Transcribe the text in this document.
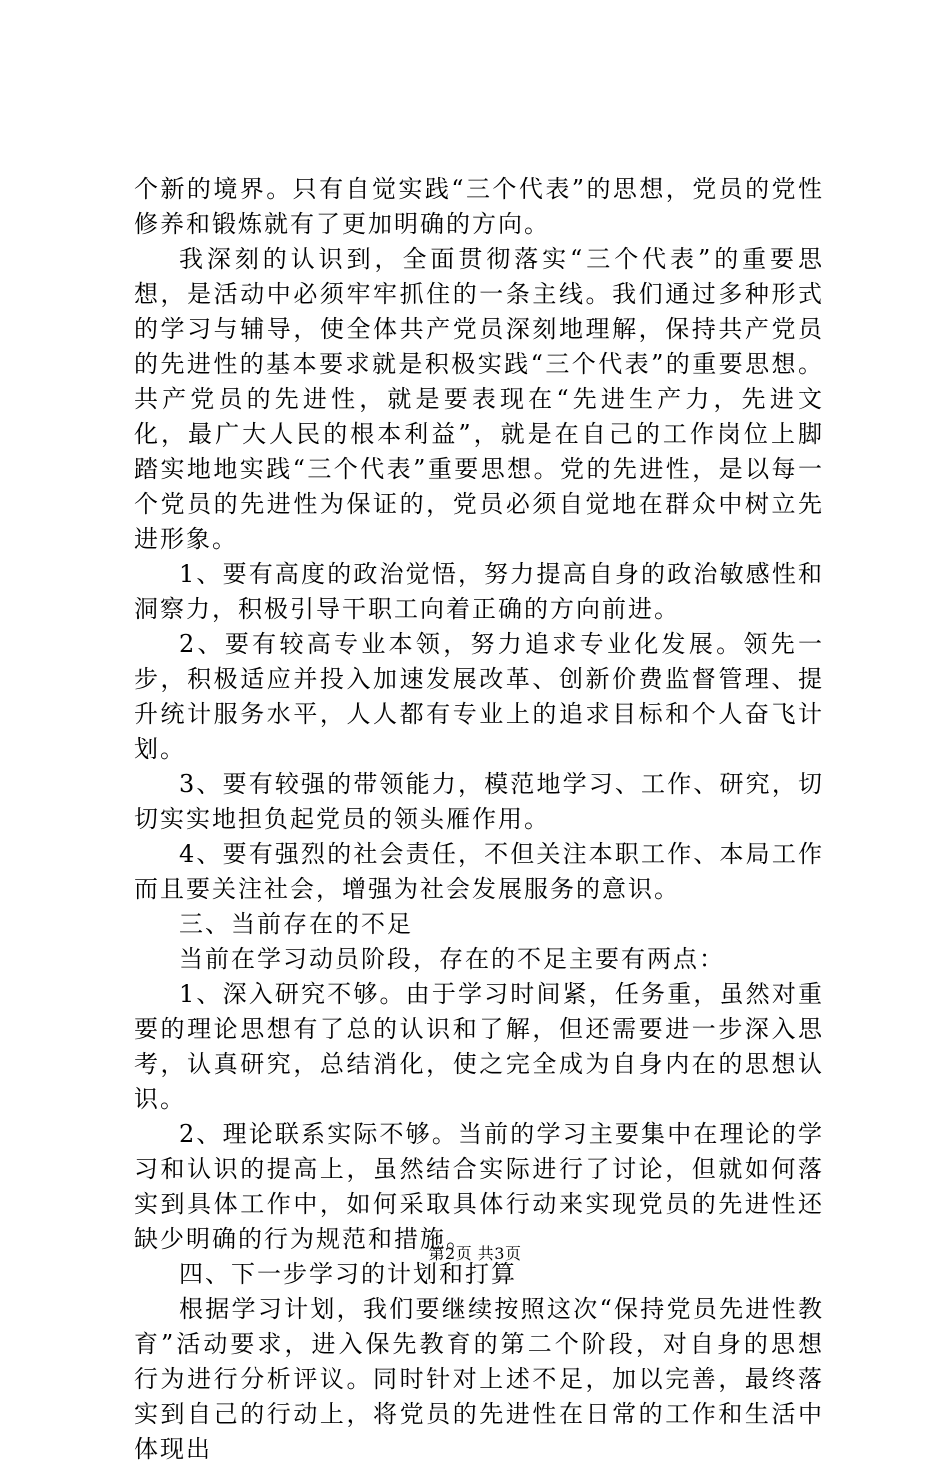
个新的境界。只有自觉实践“三个代表”的思想，党员的党性修养和锻炼就有了更加明确的方向。

我深刻的认识到，全面贯彻落实“三个代表”的重要思想，是活动中必须牢牢抓住的一条主线。我们通过多种形式的学习与辅导，使全体共产党员深刻地理解，保持共产党员的先进性的基本要求就是积极实践“三个代表”的重要思想。共产党员的先进性，就是要表现在“先进生产力，先进文化，最广大人民的根本利益”，就是在自己的工作岗位上脚踏实地地实践“三个代表”重要思想。党的先进性，是以每一个党员的先进性为保证的，党员必须自觉地在群众中树立先进形象。

1、要有高度的政治觉悟，努力提高自身的政治敏感性和洞察力，积极引导干职工向着正确的方向前进。

2、要有较高专业本领，努力追求专业化发展。领先一步，积极适应并投入加速发展改革、创新价费监督管理、提升统计服务水平，人人都有专业上的追求目标和个人奋飞计划。

3、要有较强的带领能力，模范地学习、工作、研究，切切实实地担负起党员的领头雁作用。

4、要有强烈的社会责任，不但关注本职工作、本局工作而且要关注社会，增强为社会发展服务的意识。

三、当前存在的不足

当前在学习动员阶段，存在的不足主要有两点：

1、深入研究不够。由于学习时间紧，任务重，虽然对重要的理论思想有了总的认识和了解，但还需要进一步深入思考，认真研究，总结消化，使之完全成为自身内在的思想认识。

2、理论联系实际不够。当前的学习主要集中在理论的学习和认识的提高上，虽然结合实际进行了讨论，但就如何落实到具体工作中，如何采取具体行动来实现党员的先进性还缺少明确的行为规范和措施。

四、下一步学习的计划和打算

根据学习计划，我们要继续按照这次“保持党员先进性教育”活动要求，进入保先教育的第二个阶段，对自身的思想行为进行分析评议。同时针对上述不足，加以完善，最终落实到自己的行动上，将党员的先进性在日常的工作和生活中体现出

第2页 共3页
